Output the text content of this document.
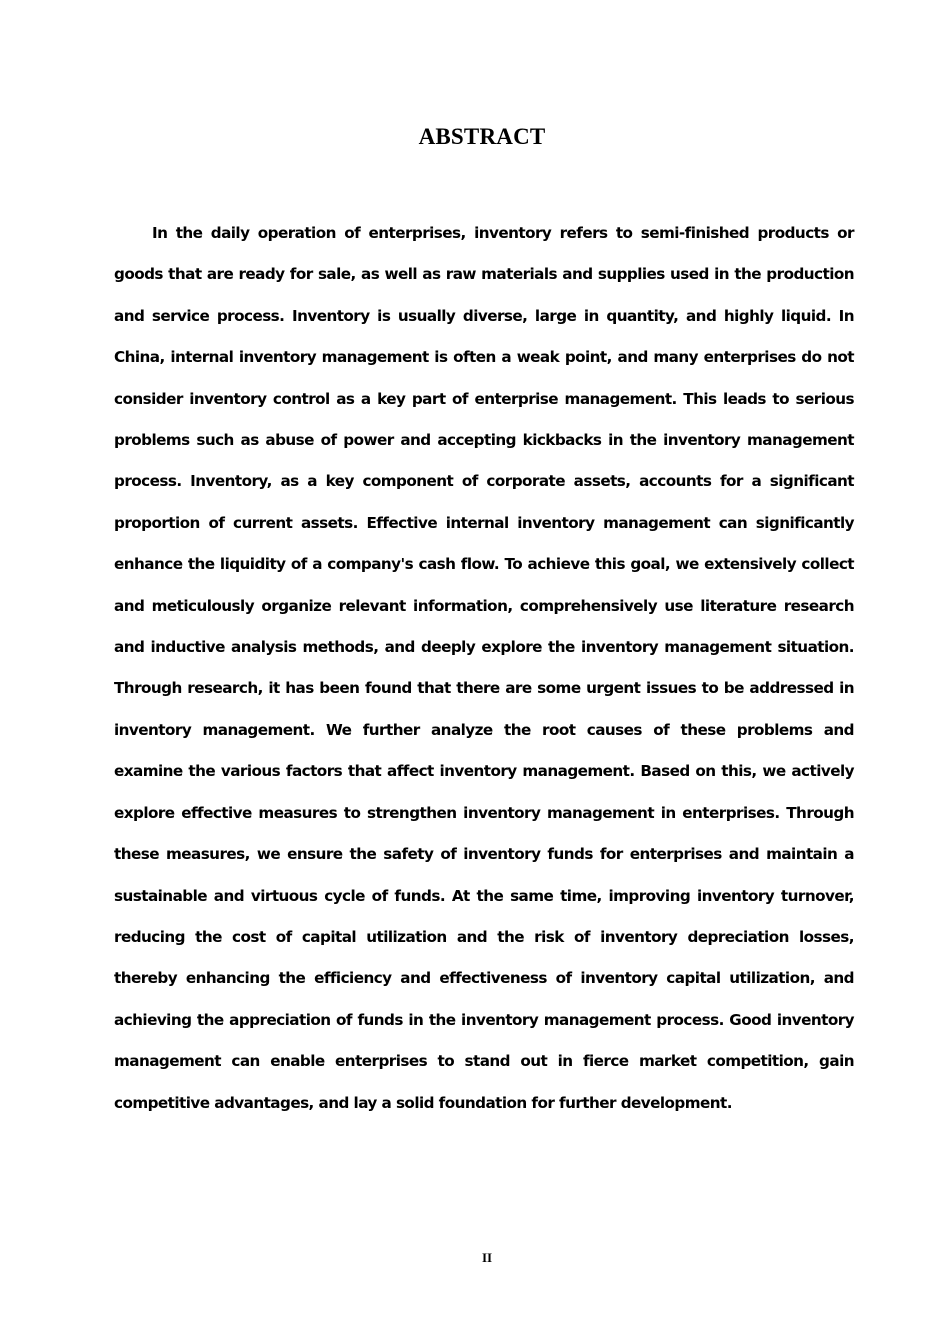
ABSTRACT

In the daily operation of enterprises, inventory refers to semi-finished products or goods that are ready for sale, as well as raw materials and supplies used in the production and service process. Inventory is usually diverse, large in quantity, and highly liquid. In China, internal inventory management is often a weak point, and many enterprises do not consider inventory control as a key part of enterprise management. This leads to serious problems such as abuse of power and accepting kickbacks in the inventory management process. Inventory, as a key component of corporate assets, accounts for a significant proportion of current assets. Effective internal inventory management can significantly enhance the liquidity of a company's cash flow. To achieve this goal, we extensively collect and meticulously organize relevant information, comprehensively use literature research and inductive analysis methods, and deeply explore the inventory management situation. Through research, it has been found that there are some urgent issues to be addressed in inventory management. We further analyze the root causes of these problems and examine the various factors that affect inventory management. Based on this, we actively explore effective measures to strengthen inventory management in enterprises. Through these measures, we ensure the safety of inventory funds for enterprises and maintain a sustainable and virtuous cycle of funds. At the same time, improving inventory turnover, reducing the cost of capital utilization and the risk of inventory depreciation losses, thereby enhancing the efficiency and effectiveness of inventory capital utilization, and achieving the appreciation of funds in the inventory management process. Good inventory management can enable enterprises to stand out in fierce market competition, gain competitive advantages, and lay a solid foundation for further development.

II
